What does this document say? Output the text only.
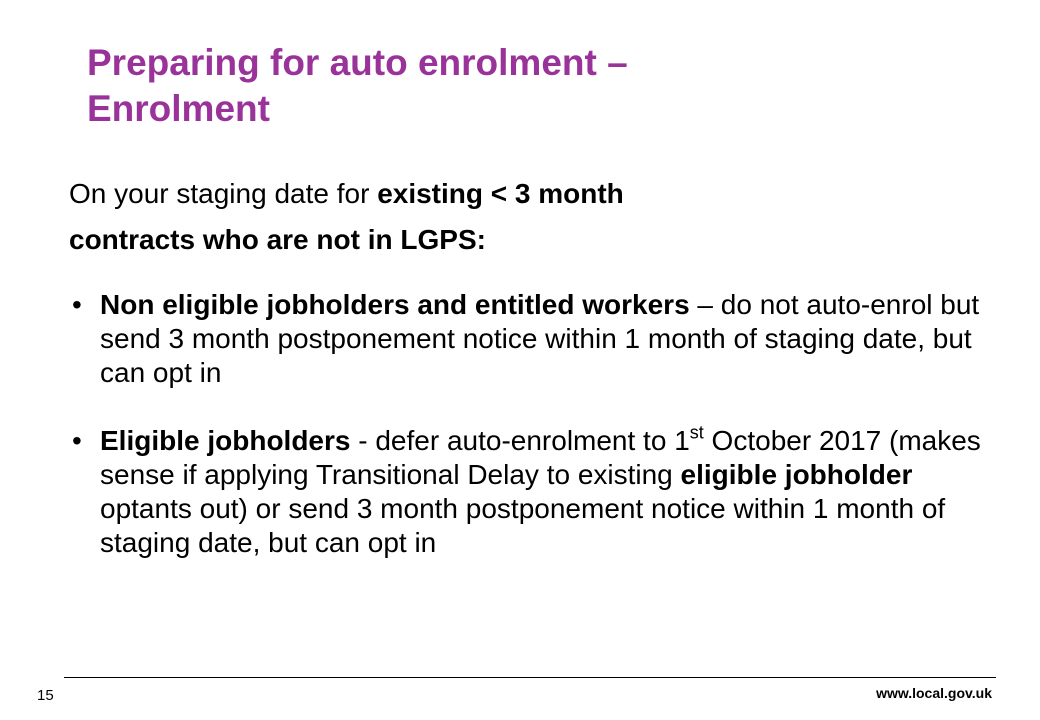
Preparing for auto enrolment –
Enrolment

On your staging date for existing < 3 month
contracts who are not in LGPS:

• Non eligible jobholders and entitled workers – do not auto-enrol but send 3 month postponement notice within 1 month of staging date, but can opt in
• Eligible jobholders - defer auto-enrolment to 1st October 2017 (makes sense if applying Transitional Delay to existing eligible jobholder optants out) or send 3 month postponement notice within 1 month of staging date, but can opt in
15	www.local.gov.uk
